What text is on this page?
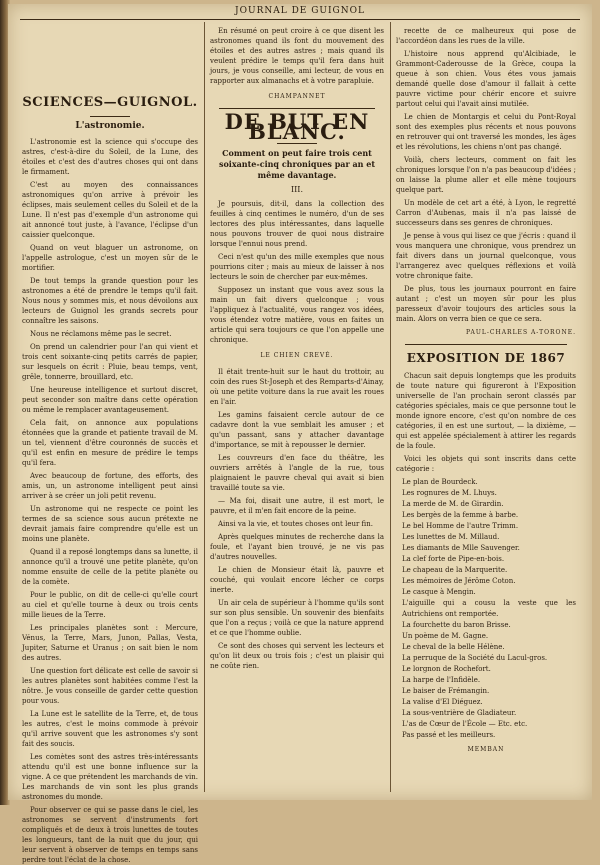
JOURNAL DE GUIGNOL
SCIENCES—GUIGNOL.
L'astronomie.

L'astronomie est la science qui s'occupe des astres, c'est-à-dire du Soleil, de la Lune, des étoiles et c'est des d'autres choses qui ont dans le firmament.

C'est au moyen des connaissances astronomiques qu'on arrive à prévoir les éclipses, mais seulement celles du Soleil et de la Lune. Il n'est pas d'exemple d'un astronome qui ait annoncé tout juste, à l'avance, l'éclipse d'un caissier quelconque.

Quand on veut blaguer un astronome, on l'appelle astrologue, c'est un moyen sûr de le mortifier.

De tout temps la grande question pour les astronomes a été de prendre le temps qu'il fait. Nous nous y sommes mis, et nous dévoilons aux lecteurs de Guignol les grands secrets pour connaître les saisons.

Nous ne réclamons même pas le secret.

On prend un calendrier pour l'an qui vient et trois cent soixante-cinq petits carrés de papier, sur lesquels on écrit : Pluie, beau temps, vent, grêle, tonnerre, brouillard, etc.

Une heureuse intelligence et surtout discret, peut seconder son maître dans cette opération ou même le remplacer avantageusement.

Cela fait, on annonce aux populations étonnées que la grande et patiente travail de M. un tel, viennent d'être couronnés de succès et qu'il est enfin en mesure de prédire le temps qu'il fera.

Avec beaucoup de fortune, des efforts, des amis, un, un astronome intelligent peut ainsi arriver à se créer un joli petit revenu.

Un astronome qui ne respecte ce point les termes de sa science sous aucun prétexte ne devrait jamais faire comprendre qu'elle est un moins une planète.

Quand il a reposé longtemps dans sa lunette, il annonce qu'il a trouvé une petite planète, qu'on nomme ensuite de celle de la petite planète ou de la comète.

Pour le public, on dit de celle-ci qu'elle court au ciel et qu'elle tourne à deux ou trois cents mille lieues de la Terre.

Les principales planètes sont : Mercure, Vénus, la Terre, Mars, Junon, Pallas, Vesta, Jupiter, Saturne et Uranus ; on sait bien le nom des autres.

Une question fort délicate est celle de savoir si les autres planètes sont habitées comme l'est la nôtre. Je vous conseille de garder cette question pour vous.

La Lune est le satellite de la Terre, et, de tous les autres, c'est le moins commode à prévoir qu'il arrive souvent que les astronomes s'y sont fait des soucis.

Les comètes sont des astres très-intéressants attendu qu'il est une bonne influence sur la vigne. A ce que prétendent les marchands de vin. Les marchands de vin sont les plus grands astronomes du monde.

Pour observer ce qui se passe dans le ciel, les astronomes se servent d'instruments fort compliqués et de deux à trois lunettes de toutes les longueurs, tant de la nuit que du jour, qui leur servent à observer de temps en temps sans perdre tout l'éclat de la chose.

En résumé on peut croire à ce que disent les astronomes quand ils font du mouvement des étoiles et des autres astres ; mais quand ils veulent prédire le temps qu'il fera dans huit jours, je vous conseille, ami lecteur, de vous en rapporter aux almanachs et à votre parapluie.

CHAMPANNET
DE BUT EN BLANC.
Comment on peut faire trois cent soixante-cinq chroniques par an et même davantage.
III.

Je poursuis, dit-il, dans la collection des feuilles à cinq centimes le numéro, d'un de ses lectores des plus intéressantes, dans laquelle nous pouvons trouver de quoi nous distraire lorsque l'ennui nous prend.

Ceci n'est qu'un des mille exemples que nous pourrions citer ; mais au mieux de laisser à nos lecteurs le soin de chercher par eux-mêmes.

Supposez un instant que vous avez sous la main un fait divers quelconque ; vous l'appliquez à l'actualité, vous rangez vos idées, vous étendez votre matière, vous en faites un article qui sera toujours ce que l'on appelle une chronique.

LE CHIEN CREVÉ.

Il était trente-huit sur le haut du trottoir, au coin des rues St-Joseph et des Remparts-d'Ainay, où une petite voiture dans la rue avait les roues en l'air.

Les gamins faisaient cercle autour de ce cadavre dont la vue semblait les amuser ; et qu'un passant, sans y attacher davantage d'importance, se mit à repousser le dernier.

Les couvreurs d'en face du théâtre, les ouvriers arrêtés à l'angle de la rue, tous plaignaient le pauvre cheval qui avait si bien travaillé toute sa vie.

— Ma foi, disait une autre, il est mort, le pauvre, et il m'en fait encore de la peine.

Ainsi va la vie, et toutes choses ont leur fin.

Après quelques minutes de recherche dans la foule, et l'ayant bien trouvé, je ne vis pas d'autres nouvelles.

Le chien de Monsieur était là, pauvre et couché, qui voulait encore lécher ce corps inerte.

Un air cela de supérieur à l'homme qu'ils sont sur son plus sensible. Un souvenir des bienfaits que l'on a reçus ; voilà ce que la nature apprend et ce que l'homme oublie.

Ce sont des choses qui servent les lecteurs et qu'on lit deux ou trois fois ; c'est un plaisir qui ne coûte rien.

recette de ce malheureux qui pose de l'accordéon dans les rues de la ville.

L'histoire nous apprend qu'Alcibiade, le Grammont-Caderousse de la Grèce, coupa la queue à son chien. Vous étes vous jamais demandé quelle dose d'amour il fallait à cette pauvre victime pour chérir encore et suivre partout celui qui l'avait ainsi mutilée.

Le chien de Montargis et celui du Pont-Royal sont des exemples plus récents et nous pouvons en retrouver qui ont traversé les mondes, les âges et les révolutions, les chiens n'ont pas changé.

Voilà, chers lecteurs, comment on fait les chroniques lorsque l'on n'a pas beaucoup d'idées ; on laisse la plume aller et elle mène toujours quelque part.

Un modèle de cet art a été, à Lyon, le regretté Carron d'Aubenas, mais il n'a pas laissé de successeurs dans ses genres de chroniques.

Je pense à vous qui lisez ce que j'écris : quand il vous manquera une chronique, vous prendrez un fait divers dans un journal quelconque, vous l'arrangerez avec quelques réflexions et voilà votre chronique faite.

De plus, tous les journaux pourront en faire autant ; c'est un moyen sûr pour les plus paresseux d'avoir toujours des articles sous la main. Alors on verra bien ce que ce sera.

PAUL-CHARLES A-TORONE.
EXPOSITION DE 1867

Chacun sait depuis longtemps que les produits de toute nature qui figureront à l'Exposition universelle de l'an prochain seront classés par catégories spéciales, mais ce que personne tout le monde ignore encore, c'est qu'on nombre de ces catégories, il en est une surtout, — la dixième, — qui est appelée spécialement à attirer les regards de la foule.

Voici les objets qui sont inscrits dans cette catégorie :

Le plan de Bourdeck.
Les rognures de M. Lhuys.
La merde de M. de Girardin.
Les bergès de la femme à barbe.
Le bel Homme de l'autre Trimm.
Les lunettes de M. Millaud.
Les diamants de Mlle Sauvenger.
La clef forte de Pipe-en-bois.
Le chapeau de la Marquerite.
Les mémoires de Jérôme Coton.
Le casque à Mengin.
L'aiguille qui a cousu la veste que les Autrichiens ont remportée.
La fourchette du baron Brisse.
Un poème de M. Gagne.
Le cheval de la belle Hélène.
La perruque de la Société du Lacul-gros.
Le lorgnon de Rochefort.
La harpe de l'Infidèle.
Le baiser de Frémangin.
La valise d'El Diéguez.
La sous-ventrière de Gladiateur.
L'as de Cœur de l'École — Etc. etc.
Pas passé et les meilleurs.
MEMBAN
